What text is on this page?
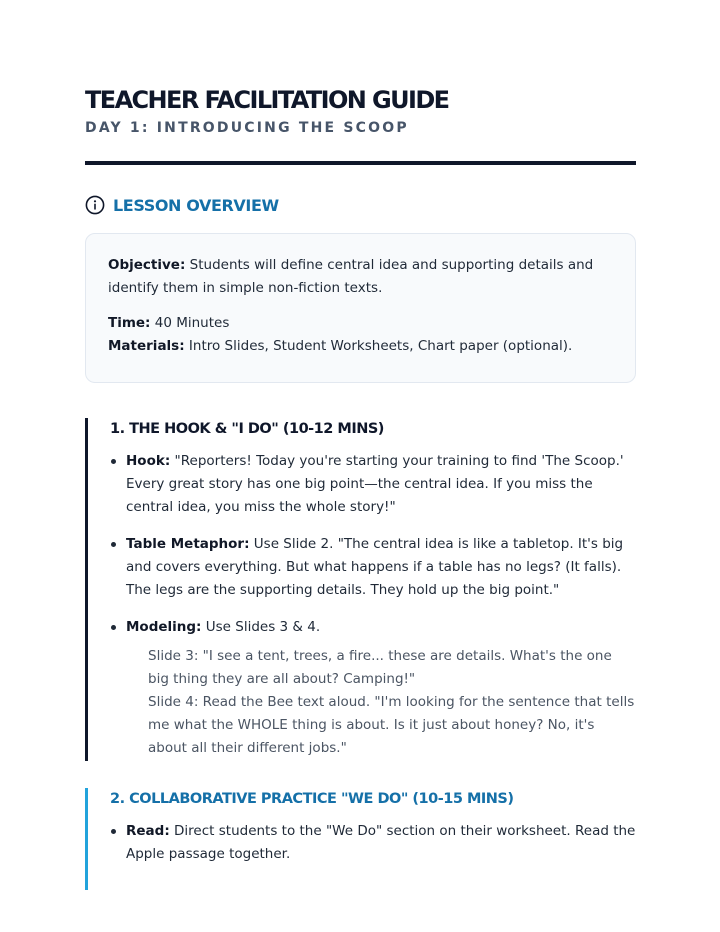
TEACHER FACILITATION GUIDE
DAY 1: INTRODUCING THE SCOOP
LESSON OVERVIEW

Objective: Students will define central idea and supporting details and identify them in simple non-fiction texts.

Time: 40 Minutes

Materials: Intro Slides, Student Worksheets, Chart paper (optional).

1. THE HOOK & "I DO" (10-12 MINS)
Hook: "Reporters! Today you're starting your training to find 'The Scoop.' Every great story has one big point—the central idea. If you miss the central idea, you miss the whole story!"
Table Metaphor: Use Slide 2. "The central idea is like a tabletop. It's big and covers everything. But what happens if a table has no legs? (It falls). The legs are the supporting details. They hold up the big point."
Modeling: Use Slides 3 & 4.

Slide 3: "I see a tent, trees, a fire... these are details. What's the one big thing they are all about? Camping!"

Slide 4: Read the Bee text aloud. "I'm looking for the sentence that tells me what the WHOLE thing is about. Is it just about honey? No, it's about all their different jobs."

2. COLLABORATIVE PRACTICE "WE DO" (10-15 MINS)
Read: Direct students to the "We Do" section on their worksheet. Read the Apple passage together.
